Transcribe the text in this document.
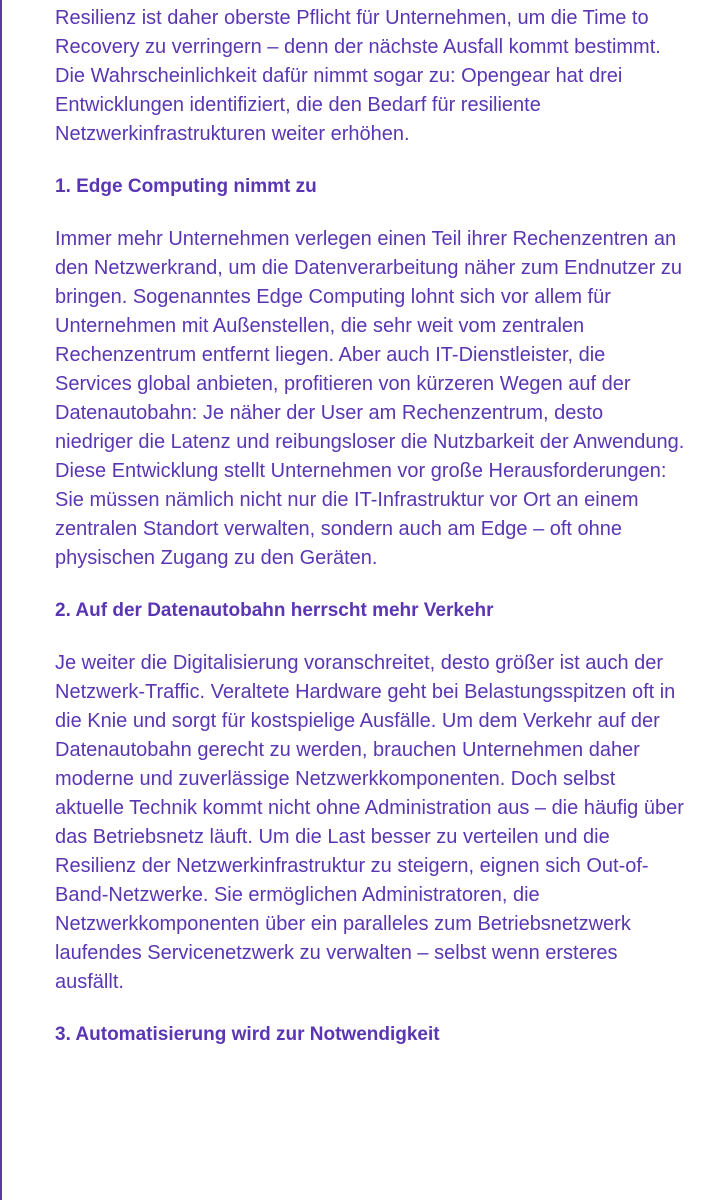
Resilienz ist daher oberste Pflicht für Unternehmen, um die Time to Recovery zu verringern – denn der nächste Ausfall kommt bestimmt. Die Wahrscheinlichkeit dafür nimmt sogar zu: Opengear hat drei Entwicklungen identifiziert, die den Bedarf für resiliente Netzwerkinfrastrukturen weiter erhöhen.

1. Edge Computing nimmt zu

Immer mehr Unternehmen verlegen einen Teil ihrer Rechenzentren an den Netzwerkrand, um die Datenverarbeitung näher zum Endnutzer zu bringen. Sogenanntes Edge Computing lohnt sich vor allem für Unternehmen mit Außenstellen, die sehr weit vom zentralen Rechenzentrum entfernt liegen. Aber auch IT-Dienstleister, die Services global anbieten, profitieren von kürzeren Wegen auf der Datenautobahn: Je näher der User am Rechenzentrum, desto niedriger die Latenz und reibungsloser die Nutzbarkeit der Anwendung. Diese Entwicklung stellt Unternehmen vor große Herausforderungen: Sie müssen nämlich nicht nur die IT-Infrastruktur vor Ort an einem zentralen Standort verwalten, sondern auch am Edge – oft ohne physischen Zugang zu den Geräten.

2. Auf der Datenautobahn herrscht mehr Verkehr

Je weiter die Digitalisierung voranschreitet, desto größer ist auch der Netzwerk-Traffic. Veraltete Hardware geht bei Belastungsspitzen oft in die Knie und sorgt für kostspielige Ausfälle. Um dem Verkehr auf der Datenautobahn gerecht zu werden, brauchen Unternehmen daher moderne und zuverlässige Netzwerkkomponenten. Doch selbst aktuelle Technik kommt nicht ohne Administration aus – die häufig über das Betriebsnetz läuft. Um die Last besser zu verteilen und die Resilienz der Netzwerkinfrastruktur zu steigern, eignen sich Out-of-Band-Netzwerke. Sie ermöglichen Administratoren, die Netzwerkkomponenten über ein paralleles zum Betriebsnetzwerk laufendes Servicenetzwerk zu verwalten – selbst wenn ersteres ausfällt.

3. Automatisierung wird zur Notwendigkeit
